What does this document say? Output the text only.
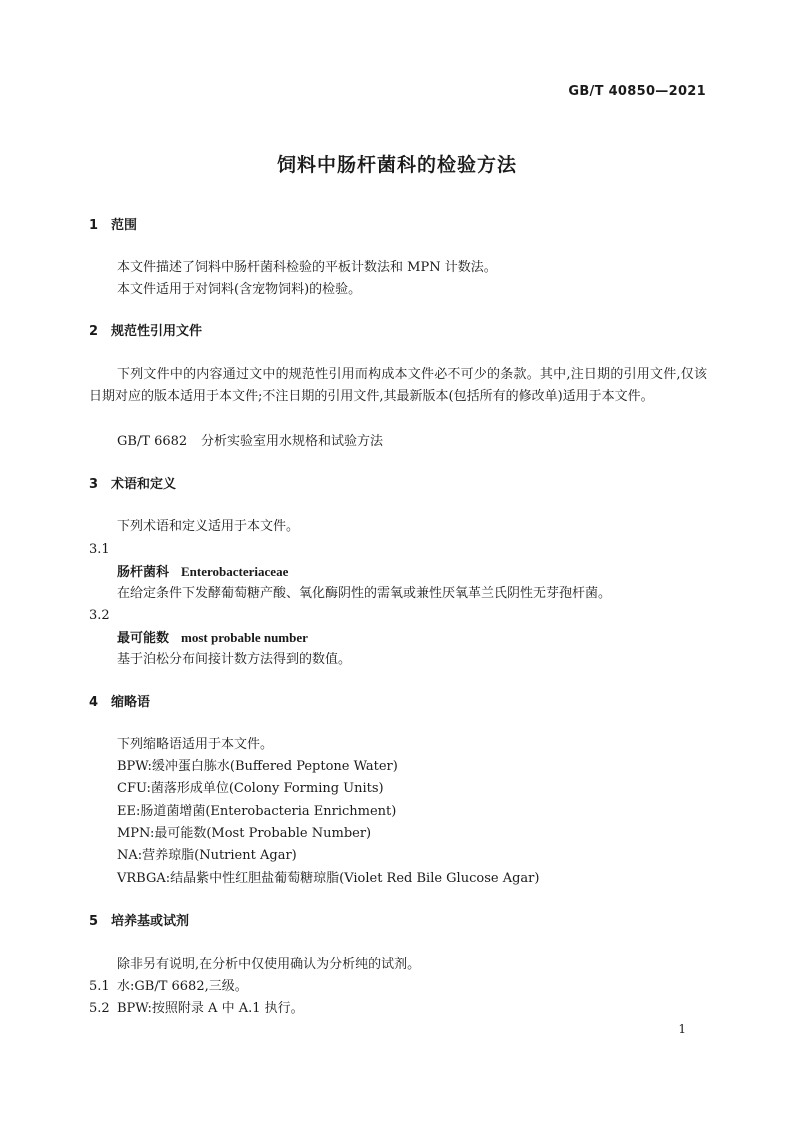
GB/T 40850—2021
饲料中肠杆菌科的检验方法
1 范围
本文件描述了饲料中肠杆菌科检验的平板计数法和 MPN 计数法。
本文件适用于对饲料(含宠物饲料)的检验。
2 规范性引用文件
下列文件中的内容通过文中的规范性引用而构成本文件必不可少的条款。其中,注日期的引用文件,仅该日期对应的版本适用于本文件;不注日期的引用文件,其最新版本(包括所有的修改单)适用于本文件。
GB/T 6682 分析实验室用水规格和试验方法
3 术语和定义
下列术语和定义适用于本文件。
3.1
肠杆菌科 Enterobacteriaceae
在给定条件下发酵葡萄糖产酸、氧化酶阴性的需氧或兼性厌氧革兰氏阴性无芽孢杆菌。
3.2
最可能数 most probable number
基于泊松分布间接计数方法得到的数值。
4 缩略语
下列缩略语适用于本文件。
BPW:缓冲蛋白胨水(Buffered Peptone Water)
CFU:菌落形成单位(Colony Forming Units)
EE:肠道菌增菌(Enterobacteria Enrichment)
MPN:最可能数(Most Probable Number)
NA:营养琼脂(Nutrient Agar)
VRBGA:结晶紫中性红胆盐葡萄糖琼脂(Violet Red Bile Glucose Agar)
5 培养基或试剂
除非另有说明,在分析中仅使用确认为分析纯的试剂。
5.1 水:GB/T 6682,三级。
5.2 BPW:按照附录 A 中 A.1 执行。
1
